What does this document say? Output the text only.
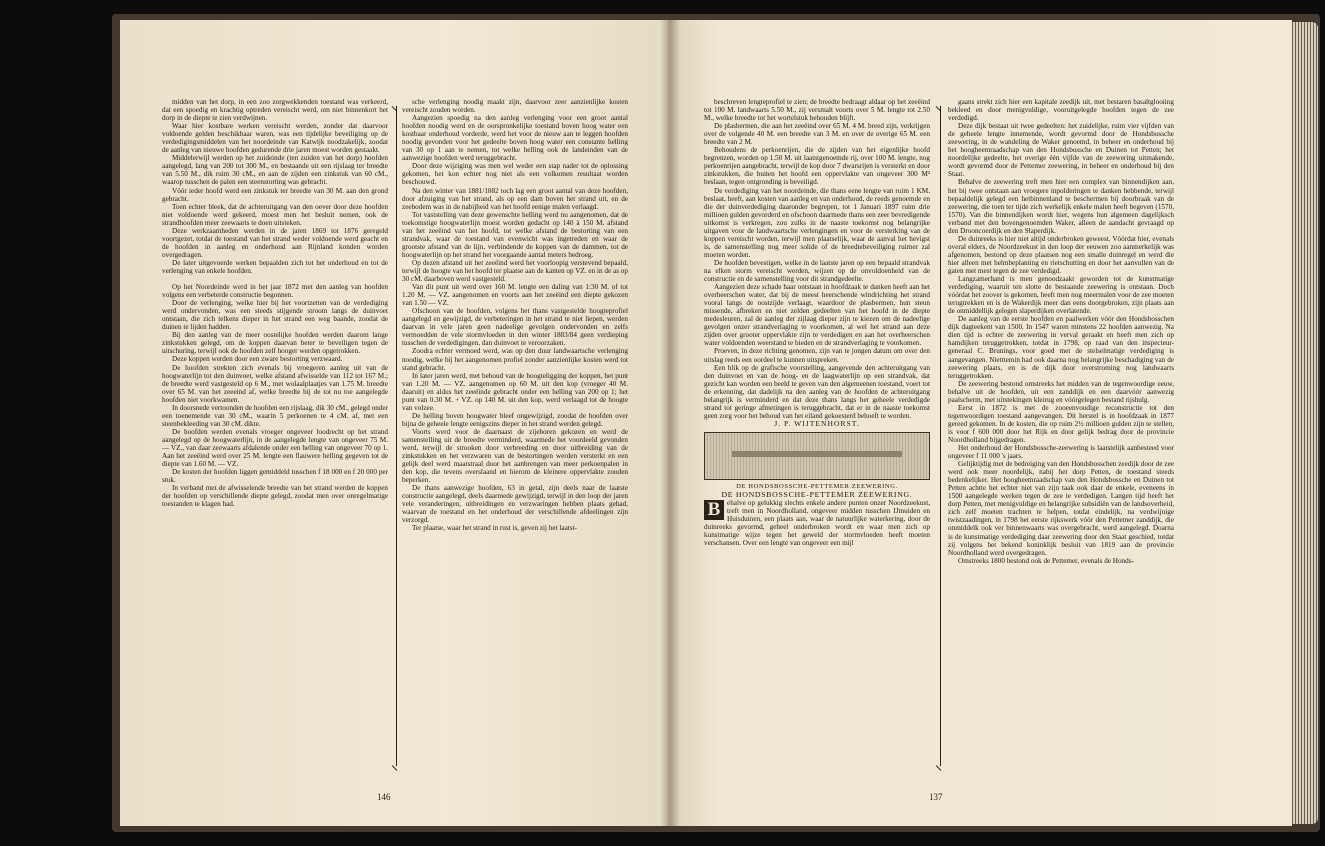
midden van het dorp, in een zoo zorgwekkenden toestand was verkeerd, dat een spoedig en krachtig optreden vereischt werd, om niet binnenkort het dorp in de diepte te zien verdwijnen.

Waar hier kostbare werken vereischt werden, zonder dat daarvoor voldoende gelden beschikbaar waren, was een tijdelijke beveiliging op de verdedigingsmiddelen van het noordeinde van Katwijk noodzakelijk, zoodat de aanleg van nieuwe hoofden gedurende drie jaren moest worden gestaakt.

Middelerwijl werden op het zuideinde (ten zuiden van het dorp) hoofden aangelegd, lang van 200 tot 300 M., en bestaande uit een rijslaag ter breedte van 5.50 M., dik ruim 30 cM., en aan de zijden een zinkstuk van 60 cM., waarop tusschen de palen een steenstorting was gebracht.

Vóór ieder hoofd werd een zinkstuk ter breedte van 30 M. aan den grond gebracht.

Toen echter bleek, dat de achteruitgang van den oever door deze hoofden niet voldoende werd gekeerd, moest men het besluit nemen, ook de strandhoofden meer zeewaarts te doen uitsteken.

Deze werkzaamheden werden in de jaren 1869 tot 1876 geregeld voortgezet, totdat de toestand van het strand weder voldoende werd geacht en de hoofden in aanleg en onderhoud aan Rijnland konden worden overgedragen.

De later uitgevoerde werken bepaalden zich tot het onderhoud en tot de verlenging van enkele hoofden.

Op het Noordeinde werd in het jaar 1872 met den aanleg van hoofden volgens een verbeterde constructie begonnen.

Door de verlenging, welke hier bij het voortzetten van de verdediging werd ondervonden, was een steeds stijgende stroom langs de duinvoet ontstaan, die zich telkens dieper in het strand een weg baande, zoodat de duinen te lijden hadden.

Bij den aanleg van de meer oostelijke hoofden werden daarom lange zinkstukken gelegd, om de koppen daarvan beter te beveiligen tegen de uitschuring, terwijl ook de hoofden zelf hooger werden opgetrokken.

Deze koppen werden door een zware bestorting verzwaard.

De hoofden strekten zich evenals bij vroegeren aanleg uit van de hoogwaterlijn tot den duinvoet, welke afstand afwisselde van 112 tot 167 M.; de breedte werd vastgesteld op 6 M., met wolaalplaatjes van 1.75 M. breedte over 65 M. van het zeeeind af, welke breedte bij de tot nu toe aangelegde hoofden niet voorkwamen.

In doorsnede vertoonden de hoofden een rijslaag, dik 30 cM., gelegd onder een toenemende van 30 cM., waarin 5 perkoenen te 4 cM. af, met een steenbekleeding van 30 cM. dikte.

De hoofden werden evenals vroeger ongeveer loodrecht op het strand aangelegd op de hoogwaterlijn, in de aangelegde lengte van ongeveer 75 M. — VZ., van daar zeewaarts afdalende onder een helling van ongeveer 70 op 1. Aan het zeeëind werd over 25 M. lengte een flauwere helling gegeven tot de diepte van 1.60 M. — VZ.

De kosten der hoofden liggen gemiddeld tusschen f 18 000 en f 20 000 per stuk.

In verband met de afwisselende breedte van het strand werden de koppen der hoofden op verschillende diepte gelegd, zoodat men over onregelmatige toestanden te klagen had.

sche verlenging noodig maakt zijn, daarvoor zeer aanzienlijke kosten vereischt zouden worden.

Aangezien spoedig na den aanleg verlenging voor een groot aantal hoofden noodig werd en de oorspronkelijke toestand boven hoog water een kostbaar onderhoud vorderde, werd het voor de nieuw aan te leggen hoofden noodig gevonden voor het gedeelte boven hoog water een constante helling van 30 op 1 aan te nemen, tot welke helling ook de landeinden van de aanwezige hoofden werd teruggebracht.

Door deze wijziging was men wel weder een stap nader tot de oplossing gekomen, het kon echter nog niet als een volkomen resultaat worden beschouwd.

Na den winter van 1881/1882 toch lag een groot aantal van deze hoofden, door afzuiging van het strand, als op een dam boven het strand uit, en de zeebodem was in de nabijheid van het hoofd eenige malen verlaagd.

Tot vaststelling van deze gewenschte helling werd nu aangenomen, dat de toekomstige hoogwaterlijn moest worden gedacht op 140 à 150 M. afstand van het zeeëind van het hoofd, tot welke afstand de bestorting van een strandvak, waar de toestand van evenwicht was ingetreden en waar de grootste afstand van de lijn, verbindende de koppen van de dammen, tot de hoogwaterlijn op het strand het voorgaande aantal meters bedroeg.

Op dezen afstand uit het zeeëind werd het voorloopig verstevend bepaald, terwijl de hoogte van het hoofd ter plaatse aan de kanten op VZ. en in de as op 30 cM. daarboven werd vastgesteld.

Van dit punt uit werd over 160 M. lengte een daling van 1:30 M. of tot 1.20 M. — VZ. aangenomen en voorts aan het zeeëind een diepte gekozen van 1.50 — VZ.

Ofschoon van de hoofden, volgens het thans vastgestelde hoogteprofiel aangelegd en gewijzigd, de verbeteringen in het strand te niet liepen, werden daarvan in vele jaren geen nadeelige gevolgen ondervonden en zelfs vermoedden de vele stormvloeden in den winter 1883/84 geen verdieping tusschen de verdedigingen, dan duinvoet te veroorzaken.

Zoodra echter vermoed werd, was op den duur landwaartsche verlenging noodig, welke bij het aangenomen profiel zonder aanzienlijke kosten werd tot stand gebracht.

In later jaren werd, met behoud van de hoogteligging der koppen, het punt van 1.20 M. — VZ. aangenomen op 60 M. uit den kop (vroeger 40 M. daaruit) en aldus het zeeëinde gebracht onder een helling van 200 op 1; het punt van 0.30 M. + VZ. op 140 M. uit den kop, werd verlaagd tot de hoogte van volzee.

De helling boven hoogwater bleef ongewijzigd, zoodat de hoofden over bijna de geheele lengte eenigszins dieper in het strand werden gelegd.

Voorts werd voor de daarnaast de zijeboren gekozen en werd de samenstelling uit de breedte verminderd, waarmede het voordeeld gevonden werd, terwijl de strooken door verbreeding en door uitbreiding van de zinkstukken en het verzwaren van de bestortingen werden versterkt en een gelijk deel werd maatstraal door het aanbrengen van meer perkoenpalen in den kop, die tevens overslaand en hierom de kleinere oppervlakte zouden beperken.

De thans aanwezige hoofden, 63 in getal, zijn deels naar de laatste constructie aangelegd, deels daarmede gewijzigd, terwijl in den loop der jaren vele veranderingen, uitbreidingen en verzwaringen hebben plaats gehad, waarvan de toestand en het onderhoud der verschillende afdeelingen zijn verzorgd.

Ter plaatse, waar het strand in rust is, geven zij het laatst-

146

beschreven lengteprofiel te zien; de breedte bedraagt aldaar op het zeeëind tot 100 M. landwaarts 5.50 M., zij versmalt voorts over 5 M. lengte tot 2.50 M., welke breedte tot het wortelstuk behouden blijft.

De plasbermen, die aan het zeeëind over 65 M. 4 M. breed zijn, verkrijgen over de volgende 40 M. een breedte van 3 M. en over de overige 65 M. een breedte van 2 M.

Behoudens de perkoenrijen, die de zijden van het eigenlijke hoofd begrenzen, worden op 1.50 M. uit laatstgenoemde rij, over 100 M. lengte, nog perkoenrijen aangebracht, terwijl de kop door 7 dwarsrijen is versterkt en door zinkstukken, die buiten het hoofd een oppervlakte van ongeveer 300 M² beslaan, tegen ontgronding is beveiligd.

De verdediging van het noordeinde, die thans eene lengte van ruim 1 KM. beslaat, heeft, aan kosten van aanleg en van onderhoud, de reeds genoemde en die der duinverdediging daaronder begrepen, tot 1 Januari 1897 ruim drie millioen gulden gevorderd en ofschoon daarmede thans een zeer bevredigende uitkomst is verkregen, zou zulks in de naaste toekomst nog belangrijke uitgaven voor de landwaartsche verlengingen en voor de versterking van de koppen vereischt worden, terwijl men plaatselijk, waar de aanval het hevigst is, de samenstelling nog meer solide of de breedtebeveiliging ruimer zal moeten worden.

De hoofden bevestigen, welke in de laatste jaren op een bepaald strandvak na elken storm vereischt werden, wijzen op de onvoldoenheid van de constructie en de samenstelling voor dit strandgedeelte.

Aangezien deze schade haar ontstaan in hoofdzaak te danken heeft aan het overheerschen water, dat bij de meest heerschende windrichting het strand vooral langs de oostzijde verlaagt, waardoor de plasbermen, hun steun missende, afbreken en niet zelden gedeelten van het hoofd in de diepte medesleuren, zal de aanleg der zijlaag dieper zijn te kiezen om de nadeelige gevolgen onzer strandverlaging te voorkomen, al wel het strand aan deze zijden over grooter oppervlakte zijn te verdedigen en aan het overheerschen water voldoenden weerstand te bieden en de strandverlaging te voorkomen.

Proeven, in deze richting genomen, zijn van te jongen datum om over den uitslag reeds een oordeel te kunnen uitspreken.

Een blik op de grafische voorstelling, aangevende den achteruitgang van den duinvoet en van de hoog- en de laagwaterlijn op een strandvak, dat gezicht kan worden een beeld te geven van den algemeenen toestand, voert tot de erkenning, dat dadelijk na den aanleg van de hoofden de achteruitgang belangrijk is verminderd en dat deze thans langs het geheele verdedigde strand tot geringe afmetingen is teruggebracht, dat er in de naaste toekomst geen zorg voor het behoud van het eiland gekoesterd behoeft te worden.

J. P. WIJTENHORST.

DE HONDSBOSSCHE-PETTEMER ZEEWERING.

DE HONDSBOSSCHE-PETTEMER ZEEWERING.

B ehalve op gelukkig slechts enkele andere punten onzer Noordzeekust, treft men in Noordholland, ongeveer midden tusschen IJmuiden en Huisduinen, een plaats aan, waar de natuurlijke waterkering, door de duinreeks gevormd, geheel onderbroken wordt en waar men zich op kunstmatige wijze tegen het geweld der stormvloeden heeft moeten verschansen. Over een lengte van ongeveer een mijl

gaans strekt zich hier een kapitale zeedijk uit, met bestaren basaltglooiing bekleed en door menigvuldige, vooruitgelegde hoofden tegen de zee verdedigd.

Deze dijk bestaat uit twee gedeelten: het zuidelijke, ruim vier vijfden van de geheele lengte innemende, wordt gevormd door de Hondsbossche zeewering, in de wandeling de Waker genoemd, in beheer en onderhoud bij het hoogheemraadschap van den Hondsbossche en Duinen tot Petten; het noordelijke gedeelte, het overige één vijfde van de zeewering uitmakende, wordt gevormd door de Pettemer zeewering, in beheer en onderhoud bij den Staat.

Behalve de zeewering treft men hier een complex van binnendijken aan, het bij twee ontstaan aan vroegere inpolderingen te danken hebbende, terwijl bepaaldelijk gelegd een hetbinnenland te beschermen bij doorbraak van de zeewering, die toen ter tijde zich werkelijk enkele malen heeft begeven (1570, 1570). Van die binnendijken wordt hier, wegens hun algemeen dagelijksch verband met den bovengenoemden Waker, alleen de aandacht gevraagd op den Drooncoerdijk en den Slaperdijk.

De duinreeks is hier niet altijd onderbroken geweest. Vóórdat hier, evenals overal elders, de Noordzeekust in den loop der eeuwen zoo aanmerkelijk was afgenomen, bestond op deze plaatsen nog een smalle duinregel en werd die hier alleen met helmbeplanting en rietschutting en door het aanvullen van de gaten met mest tegen de zee verdedigd.

Langzamerhand is men genoodzaakt geworden tot de kunstmatige verdediging, waaruit ten slotte de bestaande zeewering is ontstaan. Doch vóórdat het zoover is gekomen, heeft men nog meermalen voor de zee moeten terugtrekken en is de Wakerdijk meer dan eens doorgebroken, zijn plaats aan de onmiddellijk gelegen slaperdijken overlatende.

De aanleg van de eerste hoofden en paalwerken vóór den Hondsbosschen dijk dagteekent van 1500. In 1547 waren minstens 22 hoofden aanwezig. Na dien tijd is echter de zeewering in verval geraakt en heeft men zich op hamdijken teruggetrokken, totdat in 1798, op raad van den inspecteur-generaal C. Brunings, voor goed met de stelselmatige verdediging is aangevangen. Nietttemin had ook daarna nog belangrijke beschadiging van de zeewering plaats, en is de dijk door overstroming nog landwaarts teruggetrokken.

De zeewering bestond omstreeks het midden van de tegenwoordige eeuw, behalve uit de hoofden, uit een zanddijk en een daarvóór aanwezig paalscherm, met uitstekingen kleirug en vóórgelegen bestand rijshulg.

Eerst in 1872 is met de zooeenvoudige reconstructie tot den tegenwoordigen toestand aangevangen. Dit herstel is in hoofdzaak in 1877 gereed gekomen. In de kosten, die op ruim 2½ millioen gulden zijn te stellen, is voor f 600 000 door het Rijk en door gelijk bedrag door de provincie Noordholland bijgedragen.

Het onderhoud der Hondsbossche-zeewering is laatstelijk aanbesteed voor ongeveer f 11 000 's jaars.

Gelijktijdig met de bedreiging van den Hondsbosschen zeedijk door de zee werd ook meer noordelijk, nabij het dorp Petten, de toestand steeds bedenkelijker. Het hoogheemraadschap van den Hondsbossche en Duinen tot Petten achtte het echter niet van zijn taak ook daar de enkele, eveneens in 1500 aangelegde werken tegen de zee te verdedigen. Langen tijd heeft het dorp Petten, met menigvuldige en belangrijke subsidiën van de landsoverheid, zich zelf moeten trachten te helpen, totdat eindelijk, na verdwijnige twistzaadingen, in 1798 het eerste rijkswerk vóór den Pettemer zanddijk, die onmiddelk ook ver binnenwaarts was overgebracht, werd aangelegd. Doarna is de kunstmatige verdediging daar zeewering door den Staat geschied, totdat zij volgens het bekend koninklijk besluit van 1819 aan de provincie Noordholland werd overgedragen.

Omstreeks 1800 bestond ook de Pettemer, evenals de Honds-

137
